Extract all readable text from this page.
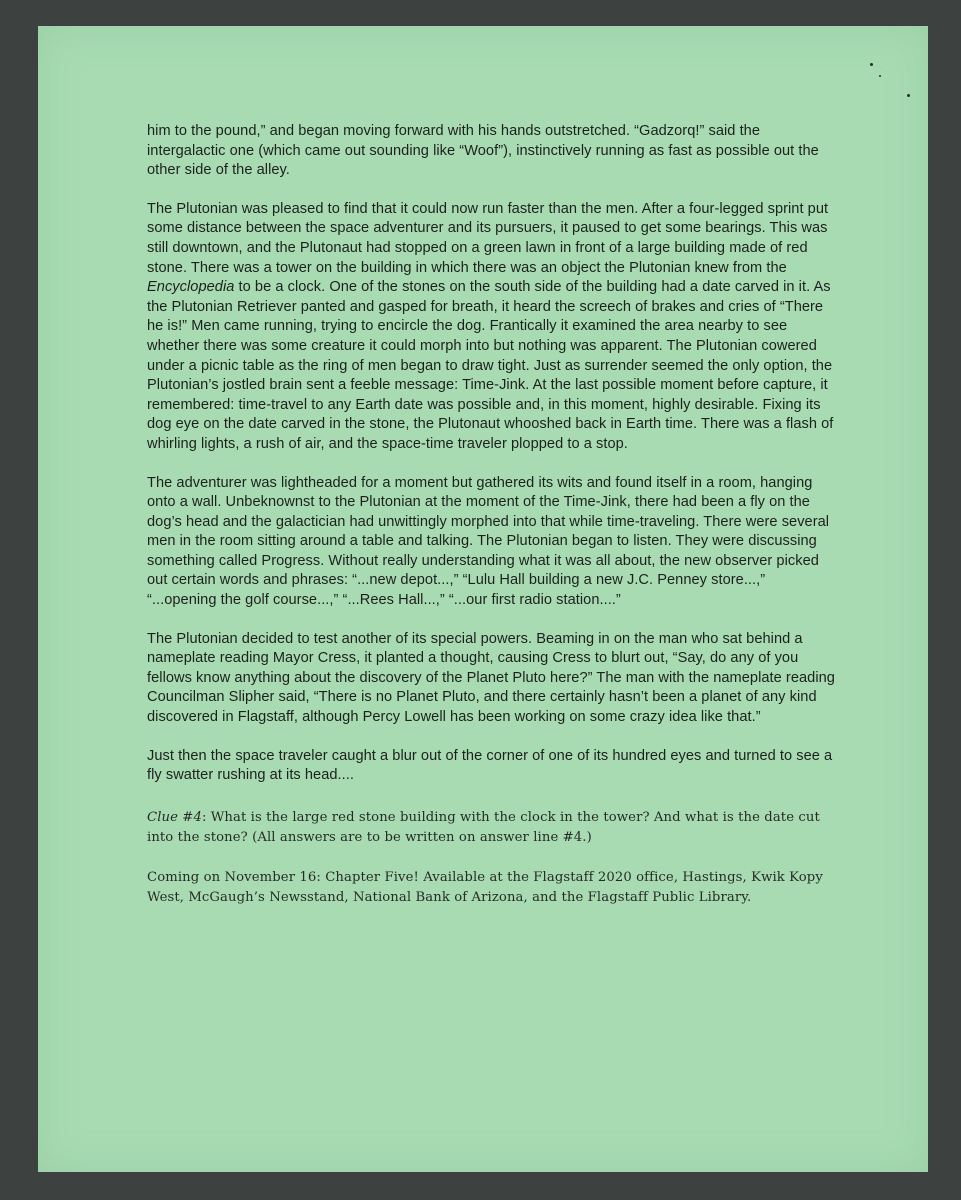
him to the pound,” and began moving forward with his hands outstretched. “Gadzorq!” said the intergalactic one (which came out sounding like “Woof”), instinctively running as fast as possible out the other side of the alley.

The Plutonian was pleased to find that it could now run faster than the men. After a four-legged sprint put some distance between the space adventurer and its pursuers, it paused to get some bearings. This was still downtown, and the Plutonaut had stopped on a green lawn in front of a large building made of red stone. There was a tower on the building in which there was an object the Plutonian knew from the Encyclopedia to be a clock. One of the stones on the south side of the building had a date carved in it. As the Plutonian Retriever panted and gasped for breath, it heard the screech of brakes and cries of “There he is!” Men came running, trying to encircle the dog. Frantically it examined the area nearby to see whether there was some creature it could morph into but nothing was apparent. The Plutonian cowered under a picnic table as the ring of men began to draw tight. Just as surrender seemed the only option, the Plutonian’s jostled brain sent a feeble message: Time-Jink. At the last possible moment before capture, it remembered: time-travel to any Earth date was possible and, in this moment, highly desirable. Fixing its dog eye on the date carved in the stone, the Plutonaut whooshed back in Earth time. There was a flash of whirling lights, a rush of air, and the space-time traveler plopped to a stop.

The adventurer was lightheaded for a moment but gathered its wits and found itself in a room, hanging onto a wall. Unbeknownst to the Plutonian at the moment of the Time-Jink, there had been a fly on the dog’s head and the galactician had unwittingly morphed into that while time-traveling. There were several men in the room sitting around a table and talking. The Plutonian began to listen. They were discussing something called Progress. Without really understanding what it was all about, the new observer picked out certain words and phrases: “...new depot...,” “Lulu Hall building a new J.C. Penney store...,” “...opening the golf course...,” “...Rees Hall...,” “...our first radio station....”

The Plutonian decided to test another of its special powers. Beaming in on the man who sat behind a nameplate reading Mayor Cress, it planted a thought, causing Cress to blurt out, “Say, do any of you fellows know anything about the discovery of the Planet Pluto here?” The man with the nameplate reading Councilman Slipher said, “There is no Planet Pluto, and there certainly hasn’t been a planet of any kind discovered in Flagstaff, although Percy Lowell has been working on some crazy idea like that.”

Just then the space traveler caught a blur out of the corner of one of its hundred eyes and turned to see a fly swatter rushing at its head....

Clue #4: What is the large red stone building with the clock in the tower? And what is the date cut into the stone? (All answers are to be written on answer line #4.)

Coming on November 16: Chapter Five! Available at the Flagstaff 2020 office, Hastings, Kwik Kopy West, McGaugh’s Newsstand, National Bank of Arizona, and the Flagstaff Public Library.
